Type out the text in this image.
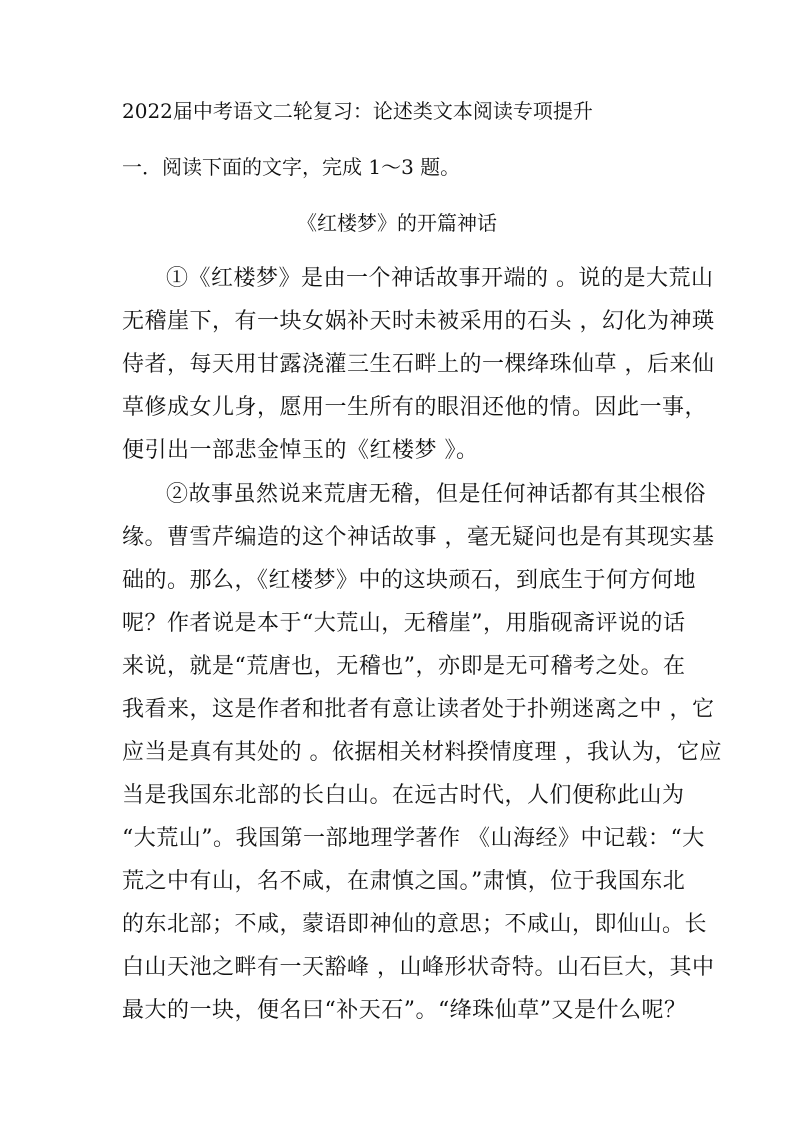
2022届中考语文二轮复习：论述类文本阅读专项提升
一．阅读下面的文字，完成 1～3 题。
《红楼梦》的开篇神话
①《红楼梦》是由一个神话故事开端的 。说的是大荒山
无稽崖下，有一块女娲补天时未被采用的石头 ，幻化为神瑛
侍者，每天用甘露浇灌三生石畔上的一棵绛珠仙草 ，后来仙
草修成女儿身，愿用一生所有的眼泪还他的情。因此一事，
便引出一部悲金悼玉的《红楼梦 》。
②故事虽然说来荒唐无稽，但是任何神话都有其尘根俗
缘。曹雪芹编造的这个神话故事 ，毫无疑问也是有其现实基
础的。那么，《红楼梦》中的这块顽石，到底生于何方何地
呢？作者说是本于“大荒山，无稽崖”，用脂砚斋评说的话
来说，就是“荒唐也，无稽也”，亦即是无可稽考之处。在
我看来，这是作者和批者有意让读者处于扑朔迷离之中 ，它
应当是真有其处的 。依据相关材料揆情度理 ，我认为，它应
当是我国东北部的长白山。在远古时代，人们便称此山为
“大荒山”。我国第一部地理学著作 《山海经》中记载：“大
荒之中有山，名不咸，在肃慎之国。”肃慎，位于我国东北
的东北部；不咸，蒙语即神仙的意思；不咸山，即仙山。长
白山天池之畔有一天豁峰 ，山峰形状奇特。山石巨大，其中
最大的一块，便名曰“补天石”。“绛珠仙草”又是什么呢？
